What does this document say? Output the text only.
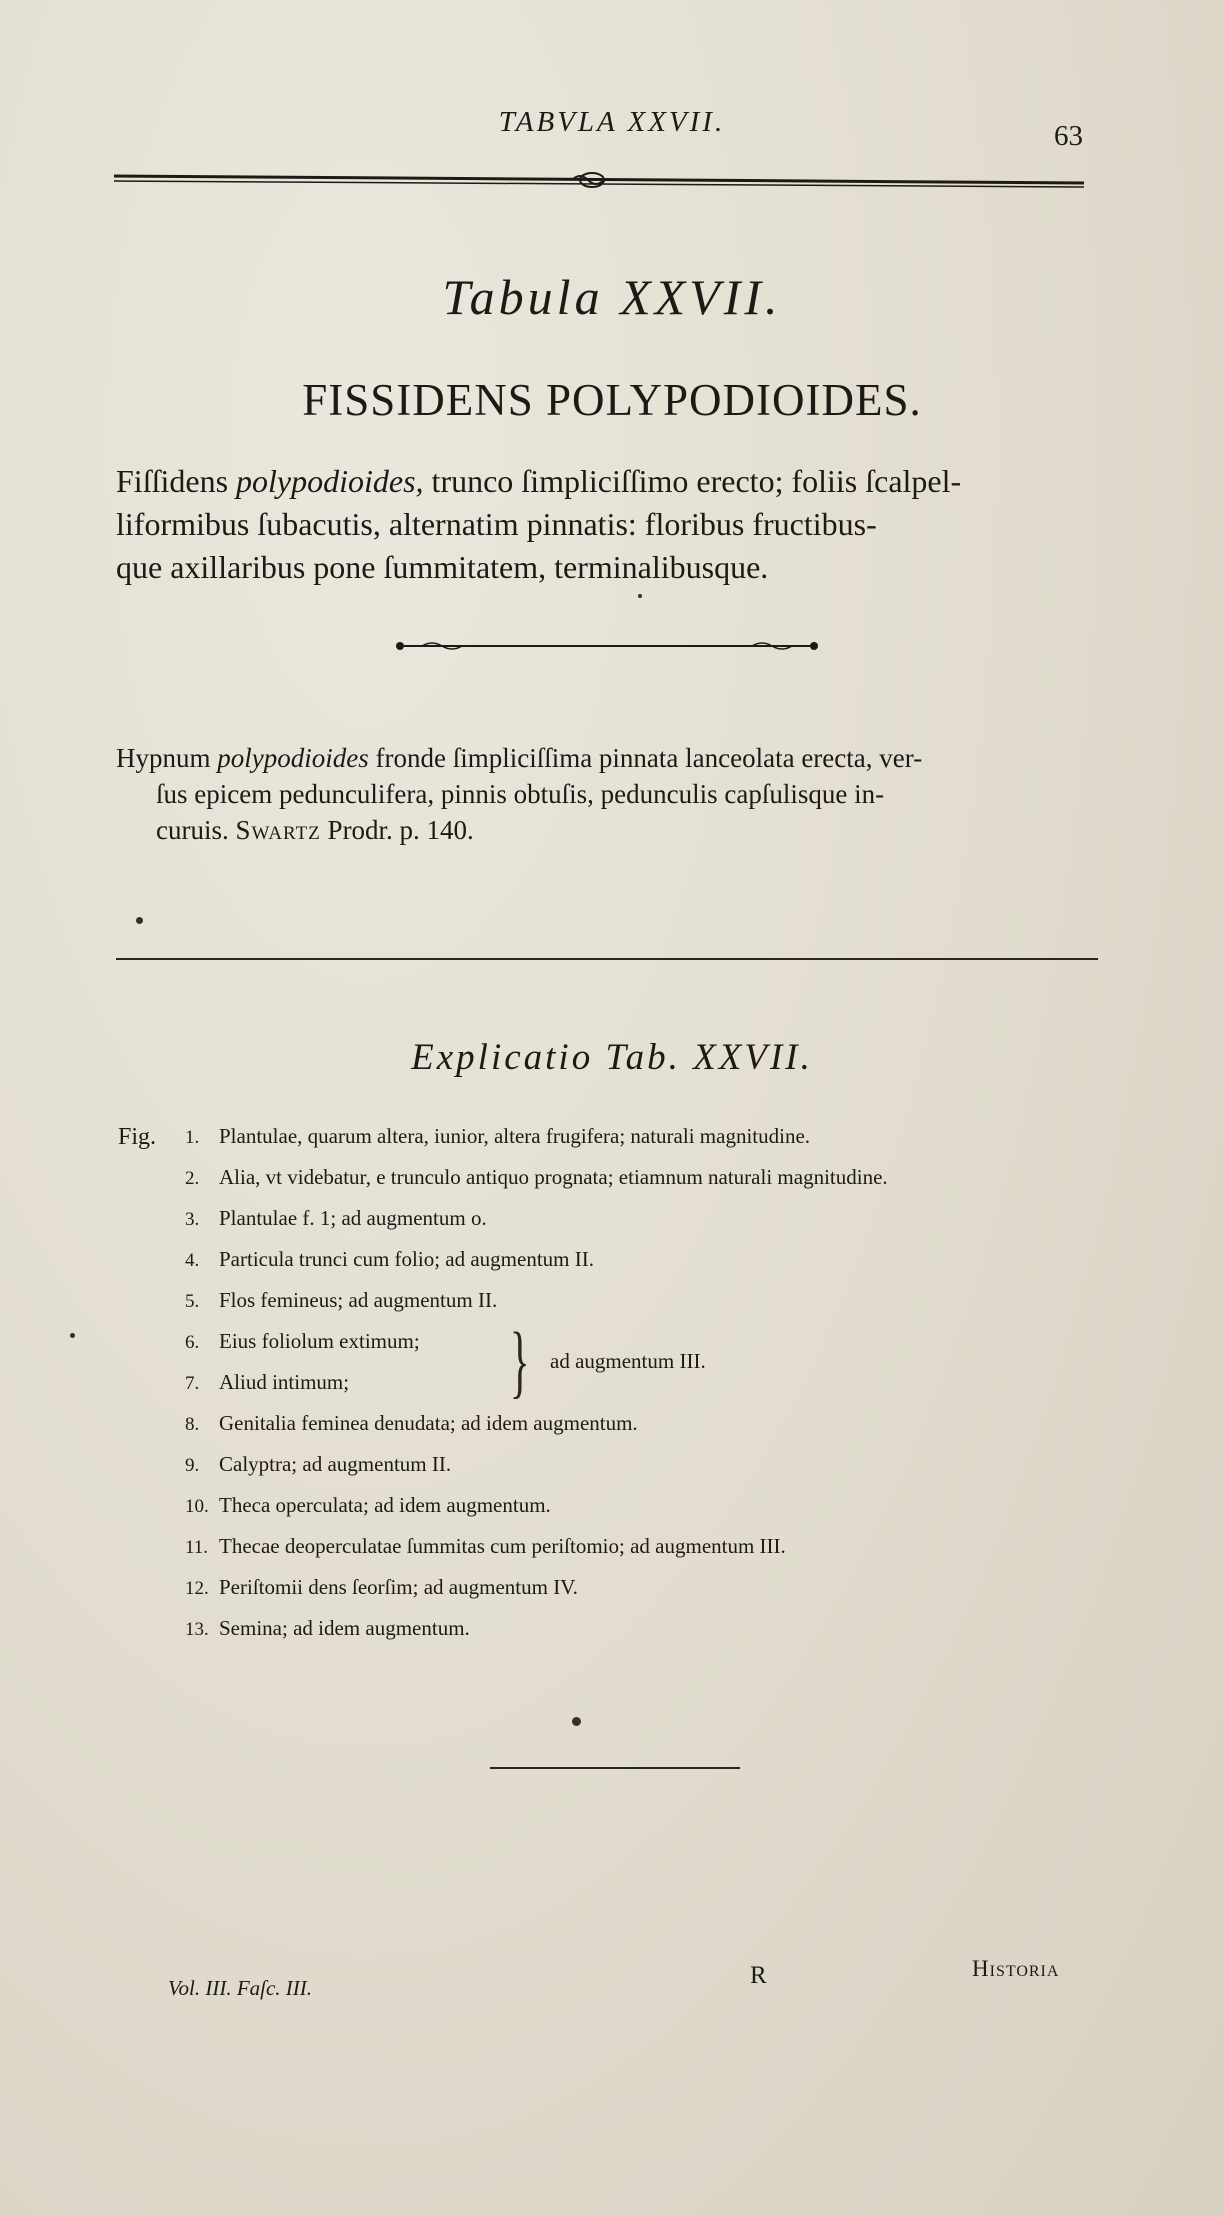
TABVLA XXVII.	63
Tabula XXVII.
FISSIDENS POLYPODIOIDES.
Fiſſidens polypodioides, trunco ſimpliciſſimo erecto; foliis ſcalpel-
liformibus ſubacutis, alternatim pinnatis: floribus fructibus-
que axillaribus pone ſummitatem, terminalibusque.
Hypnum polypodioides fronde ſimpliciſſima pinnata lanceolata erecta, ver-
ſus epicem pedunculifera, pinnis obtuſis, pedunculis capſulisque in-
curuis. Swartz Prodr. p. 140.
Explicatio Tab. XXVII.
Fig. 1. Plantulae, quarum altera, iunior, altera frugifera; naturali magnitudine.
2. Alia, vt videbatur, e trunculo antiquo prognata; etiamnum naturali magnitudine.
3. Plantulae f. 1; ad augmentum o.
4. Particula trunci cum folio; ad augmentum II.
5. Flos femineus; ad augmentum II.
6. Eius foliolum extimum;
7. Aliud intimum; } ad augmentum III.
8. Genitalia feminea denudata; ad idem augmentum.
9. Calyptra; ad augmentum II.
10. Theca operculata; ad idem augmentum.
11. Thecae deoperculatae ſummitas cum periſtomio; ad augmentum III.
12. Periſtomii dens ſeorſim; ad augmentum IV.
13. Semina; ad idem augmentum.
Vol. III. Faſc. III.	R	Historia
